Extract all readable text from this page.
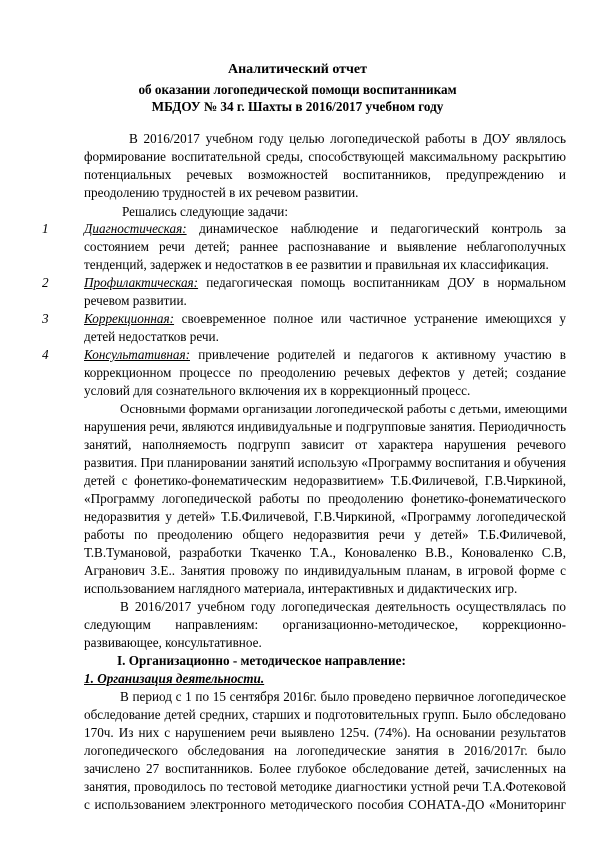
Аналитический отчет
об оказании логопедической помощи воспитанникам
МБДОУ № 34 г. Шахты в 2016/2017 учебном году
В 2016/2017 учебном году целью логопедической работы в ДОУ являлось
формирование воспитательной среды, способствующей максимальному раскрытию
потенциальных речевых возможностей воспитанников, предупреждению и
преодолению трудностей в их речевом развитии.
Решались следующие задачи:
1	Диагностическая: динамическое наблюдение и педагогический контроль за
состоянием речи детей; раннее распознавание и выявление неблагополучных
тенденций, задержек и недостатков в ее развитии и правильная их классификация.
2	Профилактическая: педагогическая помощь воспитанникам ДОУ в нормальном
речевом развитии.
3	Коррекционная: своевременное полное или частичное устранение имеющихся у
детей недостатков речи.
4	Консультативная: привлечение родителей и педагогов к активному участию в
коррекционном процессе по преодолению речевых дефектов у детей; создание
условий для сознательного включения их в коррекционный процесс.
Основными формами организации логопедической работы с детьми, имеющими
нарушения речи, являются индивидуальные и подгрупповые занятия. Периодичность
занятий, наполняемость подгрупп зависит от характера нарушения речевого
развития. При планировании занятий использую «Программу воспитания и обучения
детей с фонетико-фонематическим недоразвитием» Т.Б.Филичевой, Г.В.Чиркиной,
«Программу логопедической работы по преодолению фонетико-фонематического
недоразвития у детей» Т.Б.Филичевой, Г.В.Чиркиной, «Программу логопедической
работы по преодолению общего недоразвития речи у детей» Т.Б.Филичевой,
Т.В.Тумановой, разработки Ткаченко Т.А., Коноваленко В.В., Коноваленко С.В,
Агранович З.Е.. Занятия провожу по индивидуальным планам, в игровой форме с
использованием наглядного материала, интерактивных и дидактических игр.
В 2016/2017 учебном году логопедическая деятельность осуществлялась по
следующим направлениям: организационно-методическое, коррекционно-
развивающее, консультативное.
I. Организационно - методическое направление:
1. Организация деятельности.
В период с 1 по 15 сентября 2016г. было проведено первичное логопедическое
обследование детей средних, старших и подготовительных групп. Было обследовано
170ч. Из них с нарушением речи выявлено 125ч. (74%). На основании результатов
логопедического обследования на логопедические занятия в 2016/2017г. было
зачислено 27 воспитанников. Более глубокое обследование детей, зачисленных на
занятия, проводилось по тестовой методике диагностики устной речи Т.А.Фотековой
с использованием электронного методического пособия СОНАТА-ДО «Мониторинг
